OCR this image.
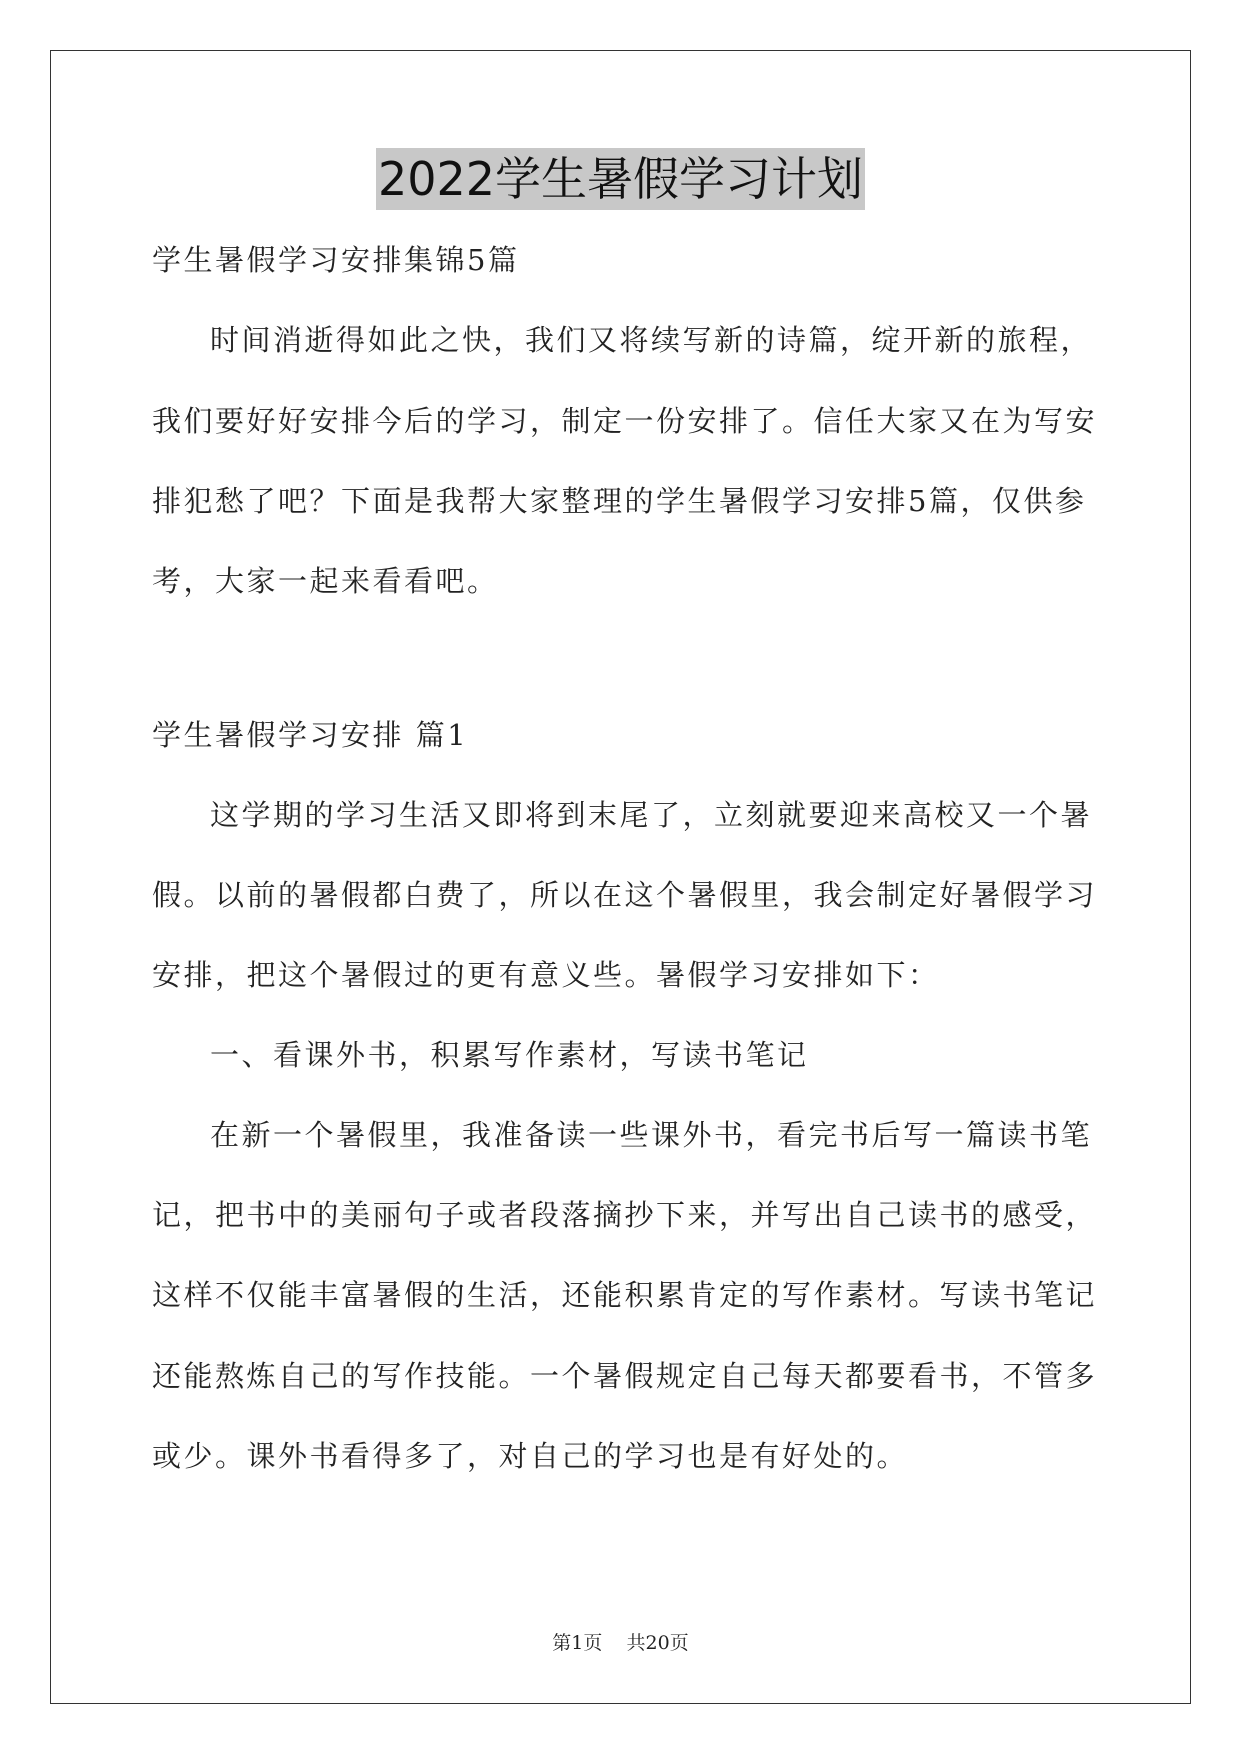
2022学生暑假学习计划
学生暑假学习安排集锦5篇
时间消逝得如此之快，我们又将续写新的诗篇，绽开新的旅程，
我们要好好安排今后的学习，制定一份安排了。信任大家又在为写安
排犯愁了吧？下面是我帮大家整理的学生暑假学习安排5篇，仅供参
考，大家一起来看看吧。
学生暑假学习安排 篇1
这学期的学习生活又即将到末尾了，立刻就要迎来高校又一个暑
假。以前的暑假都白费了，所以在这个暑假里，我会制定好暑假学习
安排，把这个暑假过的更有意义些。暑假学习安排如下：
一、看课外书，积累写作素材，写读书笔记
在新一个暑假里，我准备读一些课外书，看完书后写一篇读书笔
记，把书中的美丽句子或者段落摘抄下来，并写出自己读书的感受，
这样不仅能丰富暑假的生活，还能积累肯定的写作素材。写读书笔记
还能熬炼自己的写作技能。一个暑假规定自己每天都要看书，不管多
或少。课外书看得多了，对自己的学习也是有好处的。
第1页 共20页
